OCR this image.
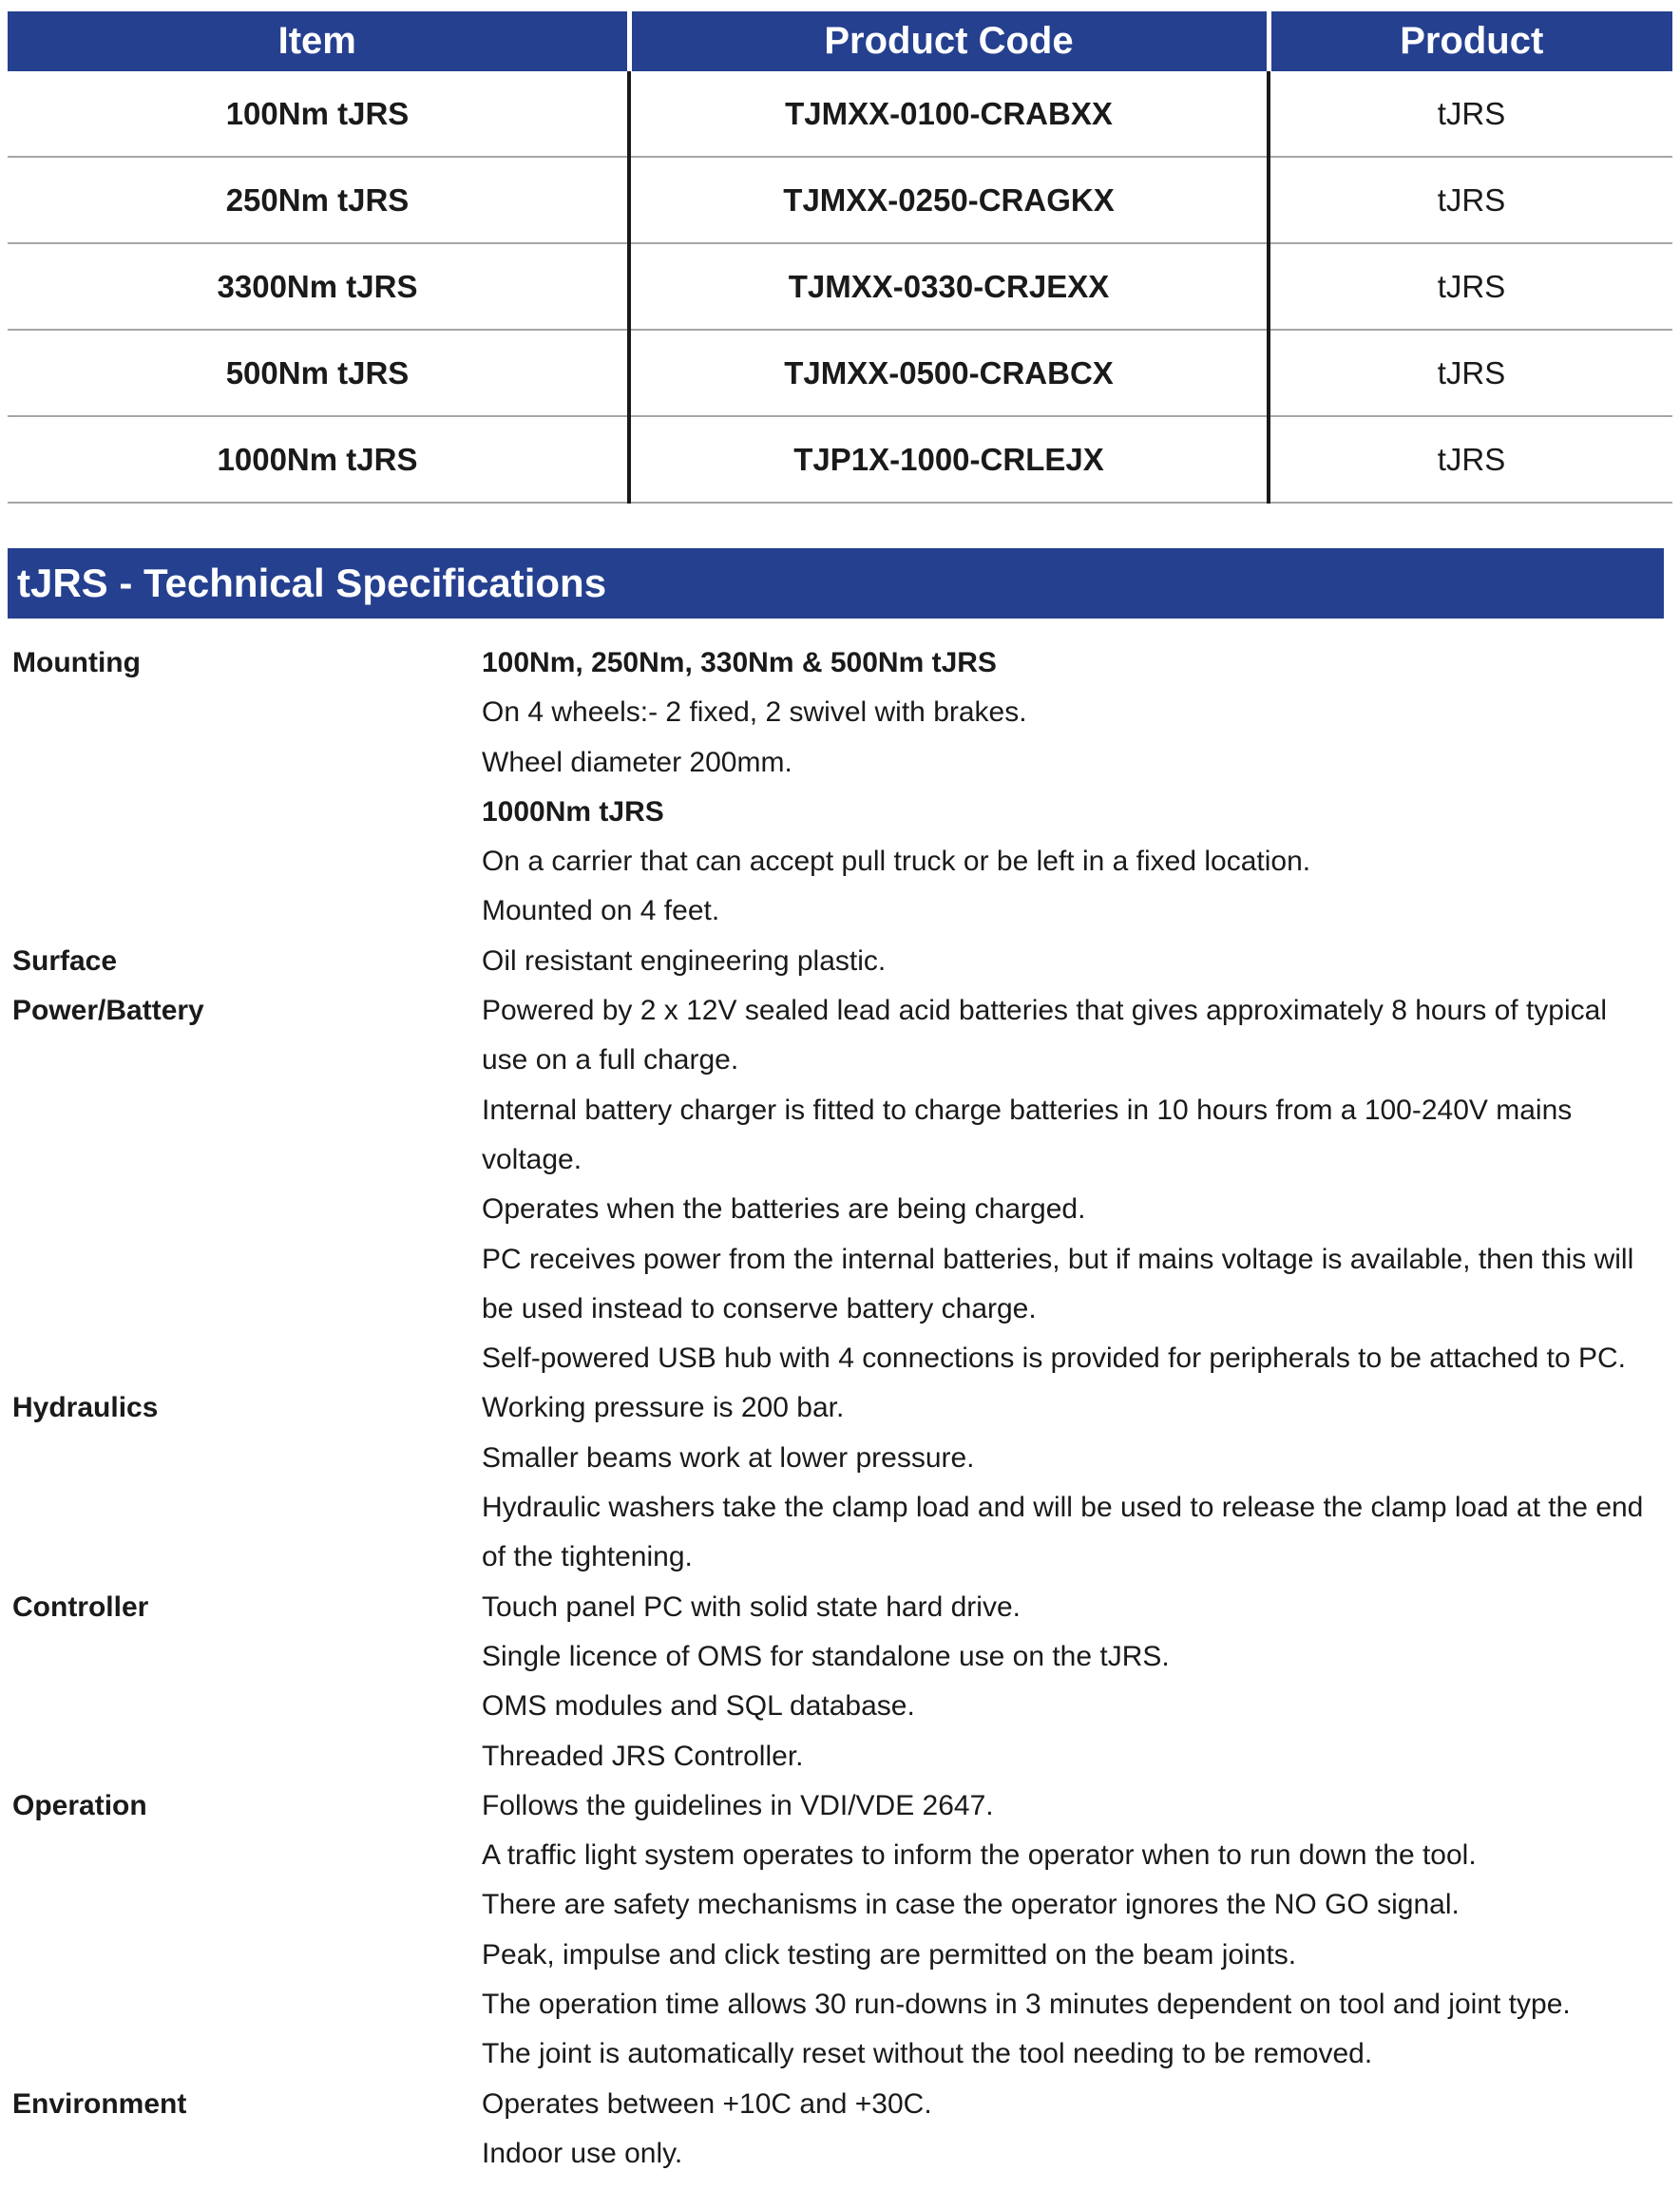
Item	Product Code	Product
100Nm tJRS	TJMXX-0100-CRABXX	tJRS
250Nm tJRS	TJMXX-0250-CRAGKX	tJRS
3300Nm tJRS	TJMXX-0330-CRJEXX	tJRS
500Nm tJRS	TJMXX-0500-CRABCX	tJRS
1000Nm tJRS	TJP1X-1000-CRLEJX	tJRS
tJRS - Technical Specifications
Mounting	100Nm, 250Nm, 330Nm & 500Nm tJRS
On 4 wheels:- 2 fixed, 2 swivel with brakes.
Wheel diameter 200mm.
1000Nm tJRS
On a carrier that can accept pull truck or be left in a fixed location.
Mounted on 4 feet.
Surface	Oil resistant engineering plastic.
Power/Battery	Powered by 2 x 12V sealed lead acid batteries that gives approximately 8 hours of typical
use on a full charge.
Internal battery charger is fitted to charge batteries in 10 hours from a 100-240V mains
voltage.
Operates when the batteries are being charged.
PC receives power from the internal batteries, but if mains voltage is available, then this will
be used instead to conserve battery charge.
Self-powered USB hub with 4 connections is provided for peripherals to be attached to PC.
Hydraulics	Working pressure is 200 bar.
Smaller beams work at lower pressure.
Hydraulic washers take the clamp load and will be used to release the clamp load at the end
of the tightening.
Controller	Touch panel PC with solid state hard drive.
Single licence of OMS for standalone use on the tJRS.
OMS modules and SQL database.
Threaded JRS Controller.
Operation	Follows the guidelines in VDI/VDE 2647.
A traffic light system operates to inform the operator when to run down the tool.
There are safety mechanisms in case the operator ignores the NO GO signal.
Peak, impulse and click testing are permitted on the beam joints.
The operation time allows 30 run-downs in 3 minutes dependent on tool and joint type.
The joint is automatically reset without the tool needing to be removed.
Environment	Operates between +10C and +30C.
Indoor use only.
